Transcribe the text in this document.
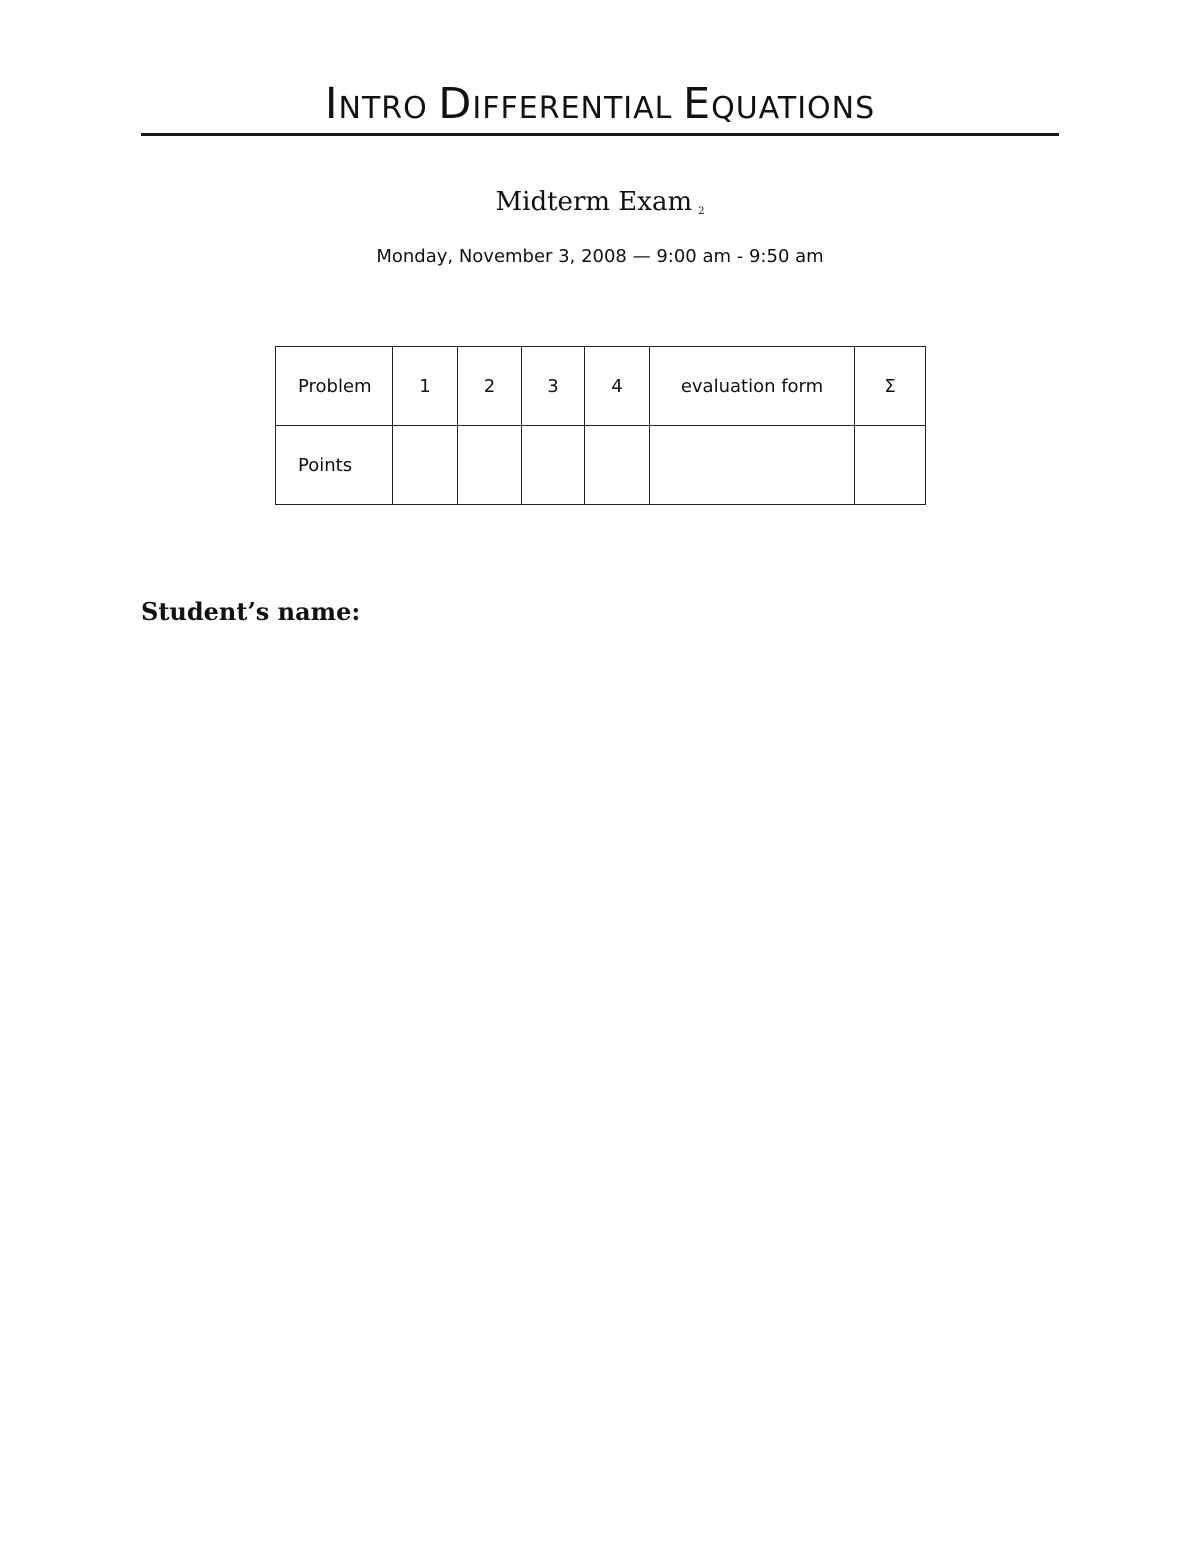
INTRO DIFFERENTIAL EQUATIONS
Midterm Exam 2
Monday, November 3, 2008 — 9:00 am - 9:50 am
Problem	1	2	3	4	evaluation form	Σ
Points						
Student’s name:
